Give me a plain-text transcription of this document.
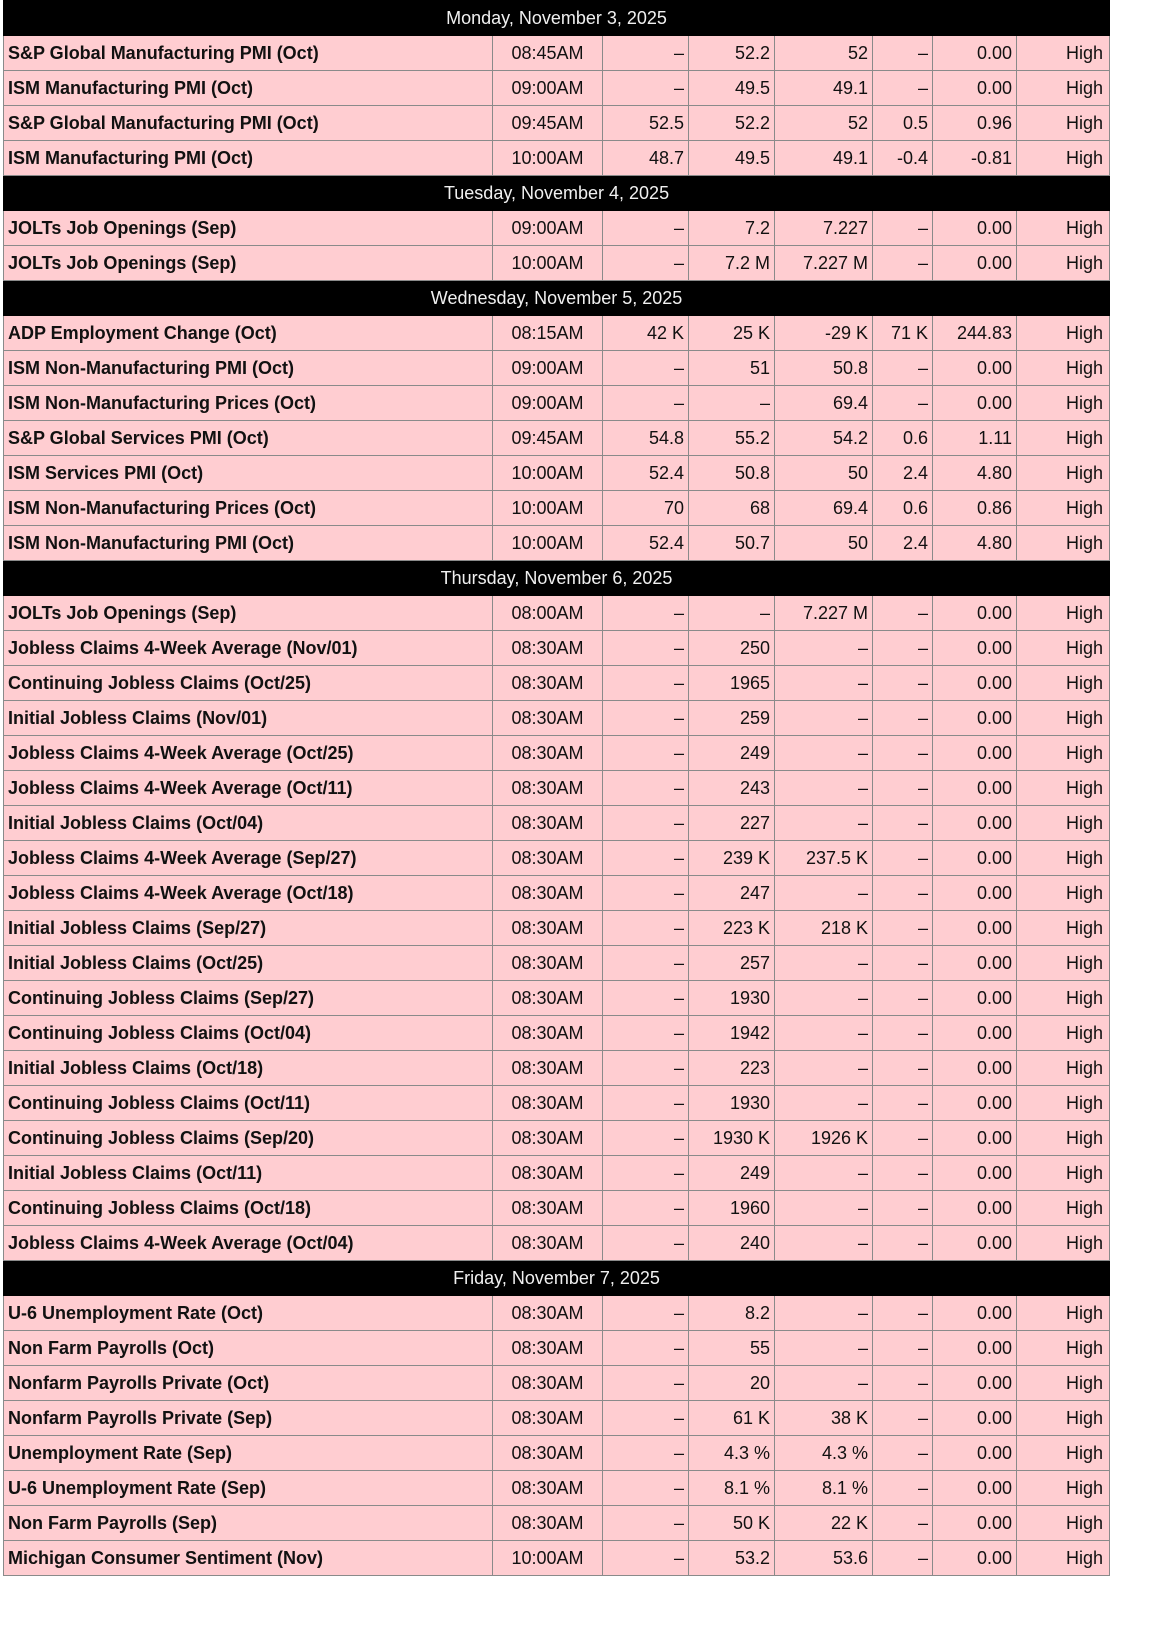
Monday, November 3, 2025							
S&P Global Manufacturing PMI (Oct)	08:45AM	–	52.2	52	–	0.00	High
ISM Manufacturing PMI (Oct)	09:00AM	–	49.5	49.1	–	0.00	High
S&P Global Manufacturing PMI (Oct)	09:45AM	52.5	52.2	52	0.5	0.96	High
ISM Manufacturing PMI (Oct)	10:00AM	48.7	49.5	49.1	-0.4	-0.81	High
Tuesday, November 4, 2025							
JOLTs Job Openings (Sep)	09:00AM	–	7.2	7.227	–	0.00	High
JOLTs Job Openings (Sep)	10:00AM	–	7.2 M	7.227 M	–	0.00	High
Wednesday, November 5, 2025							
ADP Employment Change (Oct)	08:15AM	42 K	25 K	-29 K	71 K	244.83	High
ISM Non-Manufacturing PMI (Oct)	09:00AM	–	51	50.8	–	0.00	High
ISM Non-Manufacturing Prices (Oct)	09:00AM	–	–	69.4	–	0.00	High
S&P Global Services PMI (Oct)	09:45AM	54.8	55.2	54.2	0.6	1.11	High
ISM Services PMI (Oct)	10:00AM	52.4	50.8	50	2.4	4.80	High
ISM Non-Manufacturing Prices (Oct)	10:00AM	70	68	69.4	0.6	0.86	High
ISM Non-Manufacturing PMI (Oct)	10:00AM	52.4	50.7	50	2.4	4.80	High
Thursday, November 6, 2025							
JOLTs Job Openings (Sep)	08:00AM	–	–	7.227 M	–	0.00	High
Jobless Claims 4-Week Average (Nov/01)	08:30AM	–	250	–	–	0.00	High
Continuing Jobless Claims (Oct/25)	08:30AM	–	1965	–	–	0.00	High
Initial Jobless Claims (Nov/01)	08:30AM	–	259	–	–	0.00	High
Jobless Claims 4-Week Average (Oct/25)	08:30AM	–	249	–	–	0.00	High
Jobless Claims 4-Week Average (Oct/11)	08:30AM	–	243	–	–	0.00	High
Initial Jobless Claims (Oct/04)	08:30AM	–	227	–	–	0.00	High
Jobless Claims 4-Week Average (Sep/27)	08:30AM	–	239 K	237.5 K	–	0.00	High
Jobless Claims 4-Week Average (Oct/18)	08:30AM	–	247	–	–	0.00	High
Initial Jobless Claims (Sep/27)	08:30AM	–	223 K	218 K	–	0.00	High
Initial Jobless Claims (Oct/25)	08:30AM	–	257	–	–	0.00	High
Continuing Jobless Claims (Sep/27)	08:30AM	–	1930	–	–	0.00	High
Continuing Jobless Claims (Oct/04)	08:30AM	–	1942	–	–	0.00	High
Initial Jobless Claims (Oct/18)	08:30AM	–	223	–	–	0.00	High
Continuing Jobless Claims (Oct/11)	08:30AM	–	1930	–	–	0.00	High
Continuing Jobless Claims (Sep/20)	08:30AM	–	1930 K	1926 K	–	0.00	High
Initial Jobless Claims (Oct/11)	08:30AM	–	249	–	–	0.00	High
Continuing Jobless Claims (Oct/18)	08:30AM	–	1960	–	–	0.00	High
Jobless Claims 4-Week Average (Oct/04)	08:30AM	–	240	–	–	0.00	High
Friday, November 7, 2025							
U-6 Unemployment Rate (Oct)	08:30AM	–	8.2	–	–	0.00	High
Non Farm Payrolls (Oct)	08:30AM	–	55	–	–	0.00	High
Nonfarm Payrolls Private (Oct)	08:30AM	–	20	–	–	0.00	High
Nonfarm Payrolls Private (Sep)	08:30AM	–	61 K	38 K	–	0.00	High
Unemployment Rate (Sep)	08:30AM	–	4.3 %	4.3 %	–	0.00	High
U-6 Unemployment Rate (Sep)	08:30AM	–	8.1 %	8.1 %	–	0.00	High
Non Farm Payrolls (Sep)	08:30AM	–	50 K	22 K	–	0.00	High
Michigan Consumer Sentiment (Nov)	10:00AM	–	53.2	53.6	–	0.00	High
